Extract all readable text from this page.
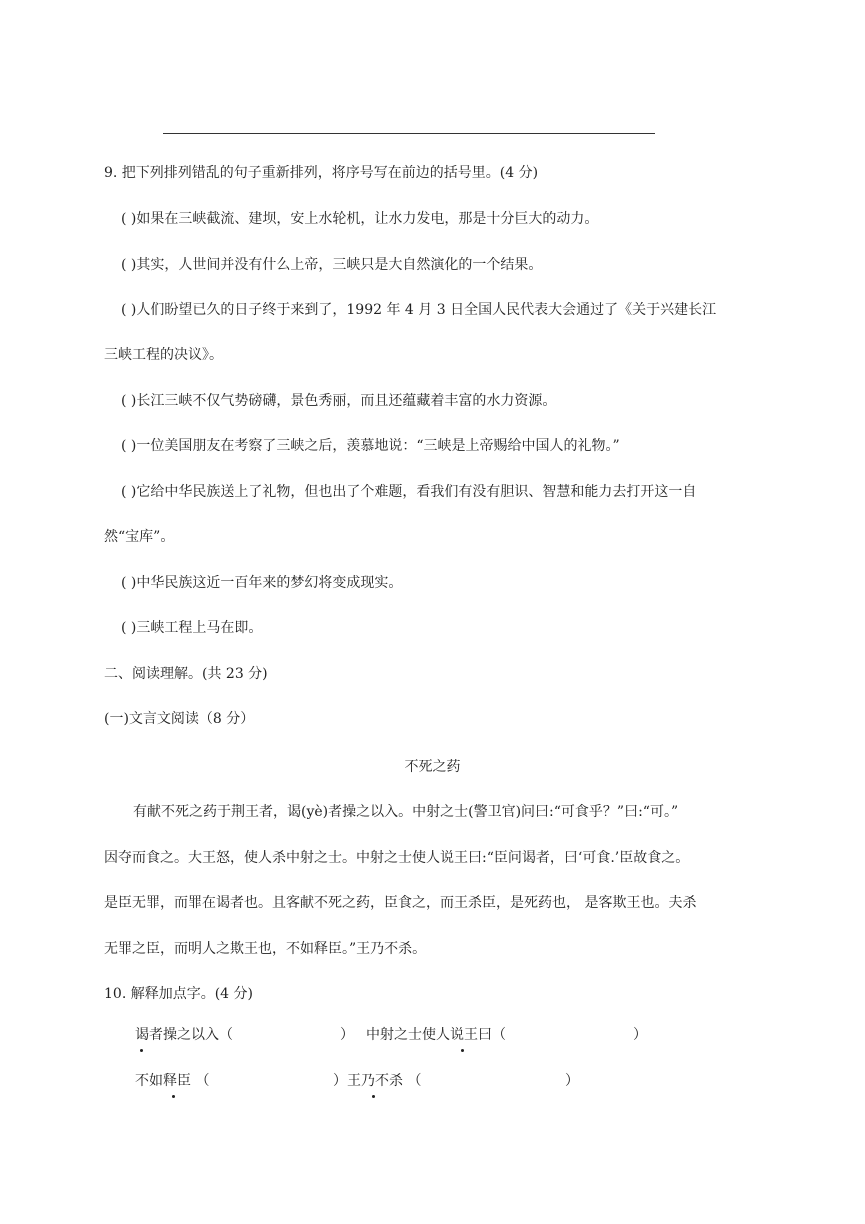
9. 把下列排列错乱的句子重新排列，将序号写在前边的括号里。(4 分)
( )如果在三峡截流、建坝，安上水轮机，让水力发电，那是十分巨大的动力。
( )其实，人世间并没有什么上帝，三峡只是大自然演化的一个结果。
( )人们盼望已久的日子终于来到了，1992 年 4 月 3 日全国人民代表大会通过了《关于兴建长江
三峡工程的决议》。
( )长江三峡不仅气势磅礴，景色秀丽，而且还蕴藏着丰富的水力资源。
( )一位美国朋友在考察了三峡之后，羡慕地说：“三峡是上帝赐给中国人的礼物。”
( )它给中华民族送上了礼物，但也出了个难题，看我们有没有胆识、智慧和能力去打开这一自
然“宝库”。
( )中华民族这近一百年来的梦幻将变成现实。
( )三峡工程上马在即。
二、阅读理解。(共 23 分)
(一)文言文阅读（8 分）
不死之药
有献不死之药于荆王者，谒(yè)者操之以入。中射之士(警卫官)问曰:“可食乎？”曰:“可。”
因夺而食之。大王怒，使人杀中射之士。中射之士使人说王曰:“臣问谒者，曰‘可食.’臣故食之。
是臣无罪，而罪在谒者也。且客献不死之药，臣食之，而王杀臣，是死药也， 是客欺王也。夫杀
无罪之臣，而明人之欺王也，不如释臣。”王乃不杀。
10. 解释加点字。(4 分)
谒者操之以入（	） 中射之士使人说王曰（	）
不如释臣 （	） 王乃不杀 （	）
